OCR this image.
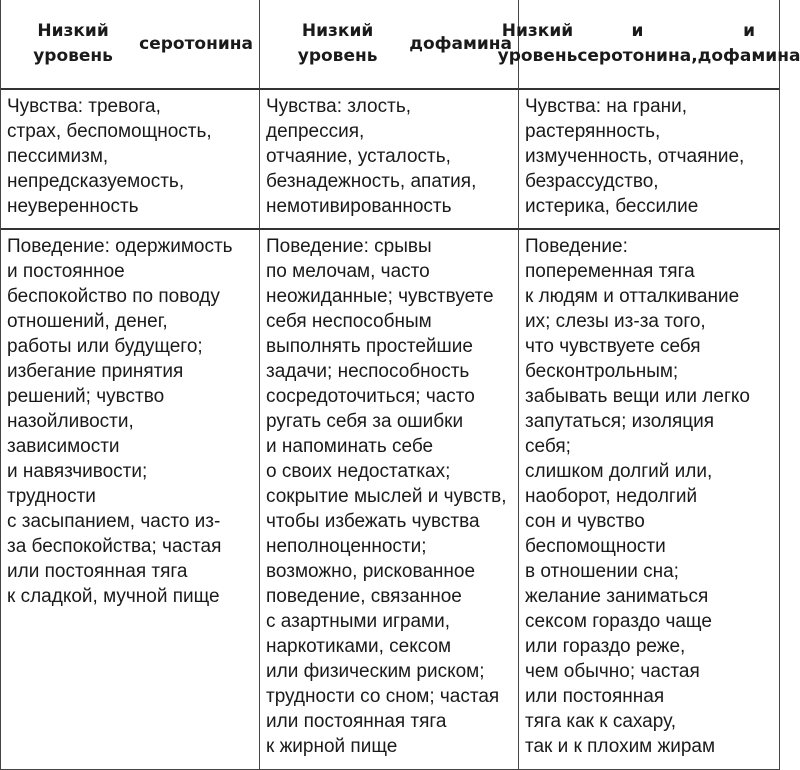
Низкий уровень
серотонина
Низкий уровень
дофамина
Низкий уровень
и серотонина,
и дофамина
Чувства: тревога,
страх, беспомощность,
пессимизм,
непредсказуемость,
неуверенность
Чувства: злость,
депрессия,
отчаяние, усталость,
безнадежность, апатия,
немотивированность
Чувства: на грани,
растерянность,
измученность, отчаяние,
безрассудство,
истерика, бессилие
Поведение: одержимость
и постоянное
беспокойство по поводу
отношений, денег,
работы или будущего;
избегание принятия
решений; чувство
назойливости,
зависимости
и навязчивости;
трудности
с засыпанием, часто из-
за беспокойства; частая
или постоянная тяга
к сладкой, мучной пище
Поведение: срывы
по мелочам, часто
неожиданные; чувствуете
себя неспособным
выполнять простейшие
задачи; неспособность
сосредоточиться; часто
ругать себя за ошибки
и напоминать себе
о своих недостатках;
сокрытие мыслей и чувств,
чтобы избежать чувства
неполноценности;
возможно, рискованное
поведение, связанное
с азартными играми,
наркотиками, сексом
или физическим риском;
трудности со сном; частая
или постоянная тяга
к жирной пище
Поведение:
попеременная тяга
к людям и отталкивание
их; слезы из-за того,
что чувствуете себя
бесконтрольным;
забывать вещи или легко
запутаться; изоляция
себя;
слишком долгий или,
наоборот, недолгий
сон и чувство
беспомощности
в отношении сна;
желание заниматься
сексом гораздо чаще
или гораздо реже,
чем обычно; частая
или постоянная
тяга как к сахару,
так и к плохим жирам
